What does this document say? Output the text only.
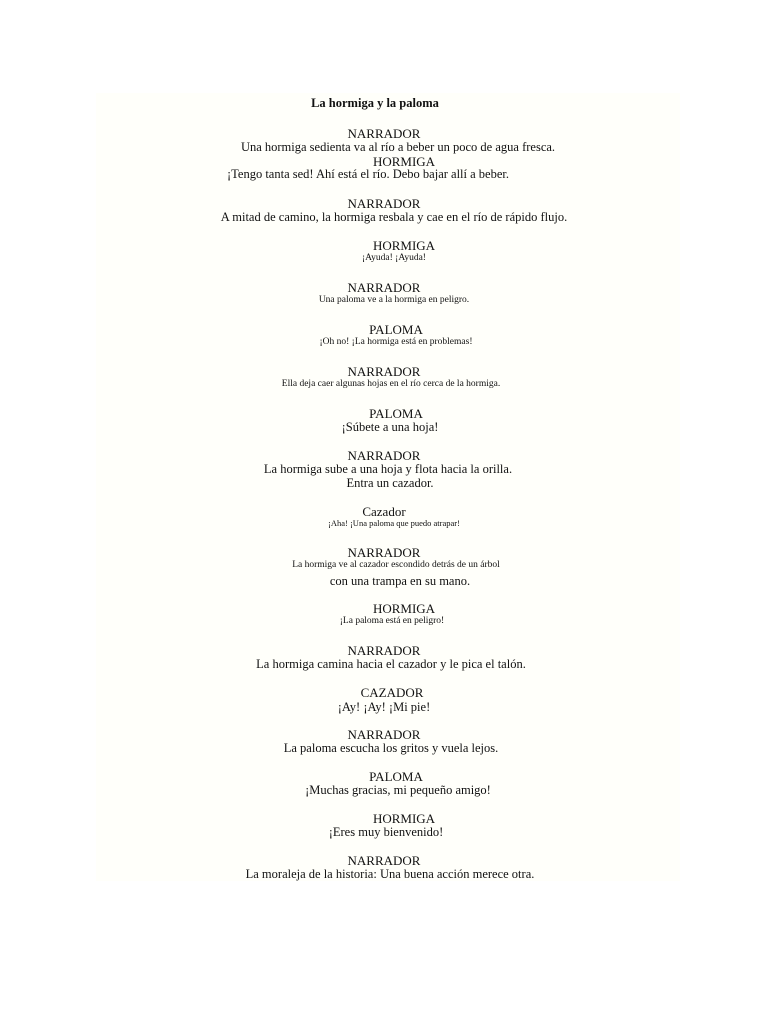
La hormiga y la paloma
NARRADOR
Una hormiga sedienta va al río a beber un poco de agua fresca.
HORMIGA
¡Tengo tanta sed! Ahí está el río. Debo bajar allí a beber.
NARRADOR
A mitad de camino, la hormiga resbala y cae en el río de rápido flujo.
HORMIGA
¡Ayuda! ¡Ayuda!
NARRADOR
Una paloma ve a la hormiga en peligro.
PALOMA
¡Oh no! ¡La hormiga está en problemas!
NARRADOR
Ella deja caer algunas hojas en el río cerca de la hormiga.
PALOMA
¡Súbete a una hoja!
NARRADOR
La hormiga sube a una hoja y flota hacia la orilla.
Entra un cazador.
Cazador
¡Aha! ¡Una paloma que puedo atrapar!
NARRADOR
La hormiga ve al cazador escondido detrás de un árbol
con una trampa en su mano.
HORMIGA
¡La paloma está en peligro!
NARRADOR
La hormiga camina hacia el cazador y le pica el talón.
CAZADOR
¡Ay! ¡Ay! ¡Mi pie!
NARRADOR
La paloma escucha los gritos y vuela lejos.
PALOMA
¡Muchas gracias, mi pequeño amigo!
HORMIGA
¡Eres muy bienvenido!
NARRADOR
La moraleja de la historia: Una buena acción merece otra.
